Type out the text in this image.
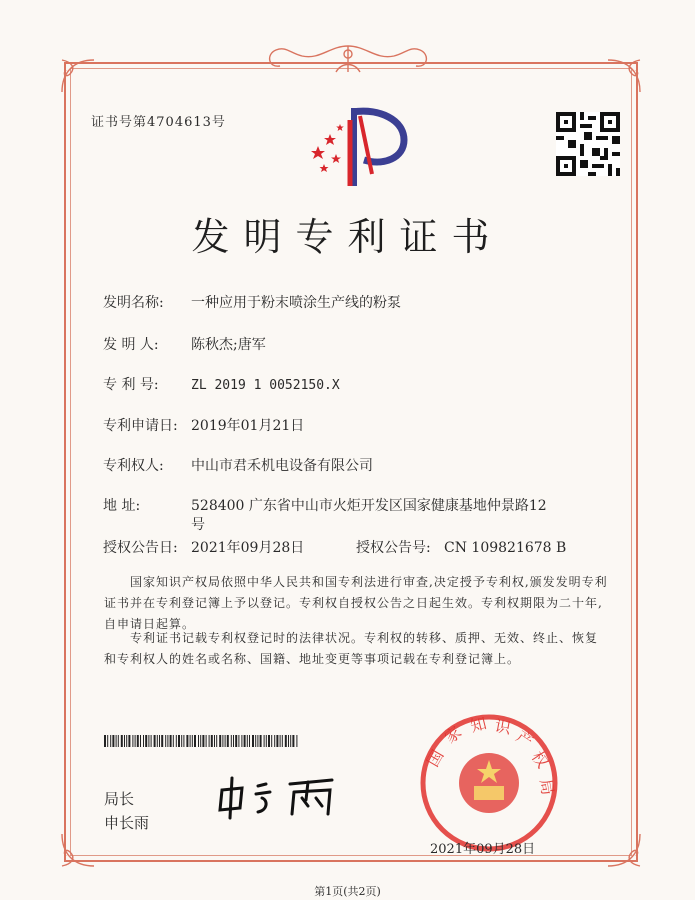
证书号第4704613号
发明专利证书
发明名称: 一种应用于粉末喷涂生产线的粉泵
发 明 人: 陈秋杰;唐军
专 利 号: ZL 2019 1 0052150.X
专利申请日: 2019年01月21日
专利权人: 中山市君禾机电设备有限公司
地 址:	528400 广东省中山市火炬开发区国家健康基地仲景路12
号
授权公告日: 2021年09月28日	授权公告号: CN 109821678 B
国家知识产权局依照中华人民共和国专利法进行审查,决定授予专利权,颁发发明专利证书并在专利登记簿上予以登记。专利权自授权公告之日起生效。专利权期限为二十年,自申请日起算。
专利证书记载专利权登记时的法律状况。专利权的转移、质押、无效、终止、恢复和专利权人的姓名或名称、国籍、地址变更等事项记载在专利登记簿上。
局长
申长雨
国
家 知 识 产
权
局
2021年09月28日
第1页(共2页)
